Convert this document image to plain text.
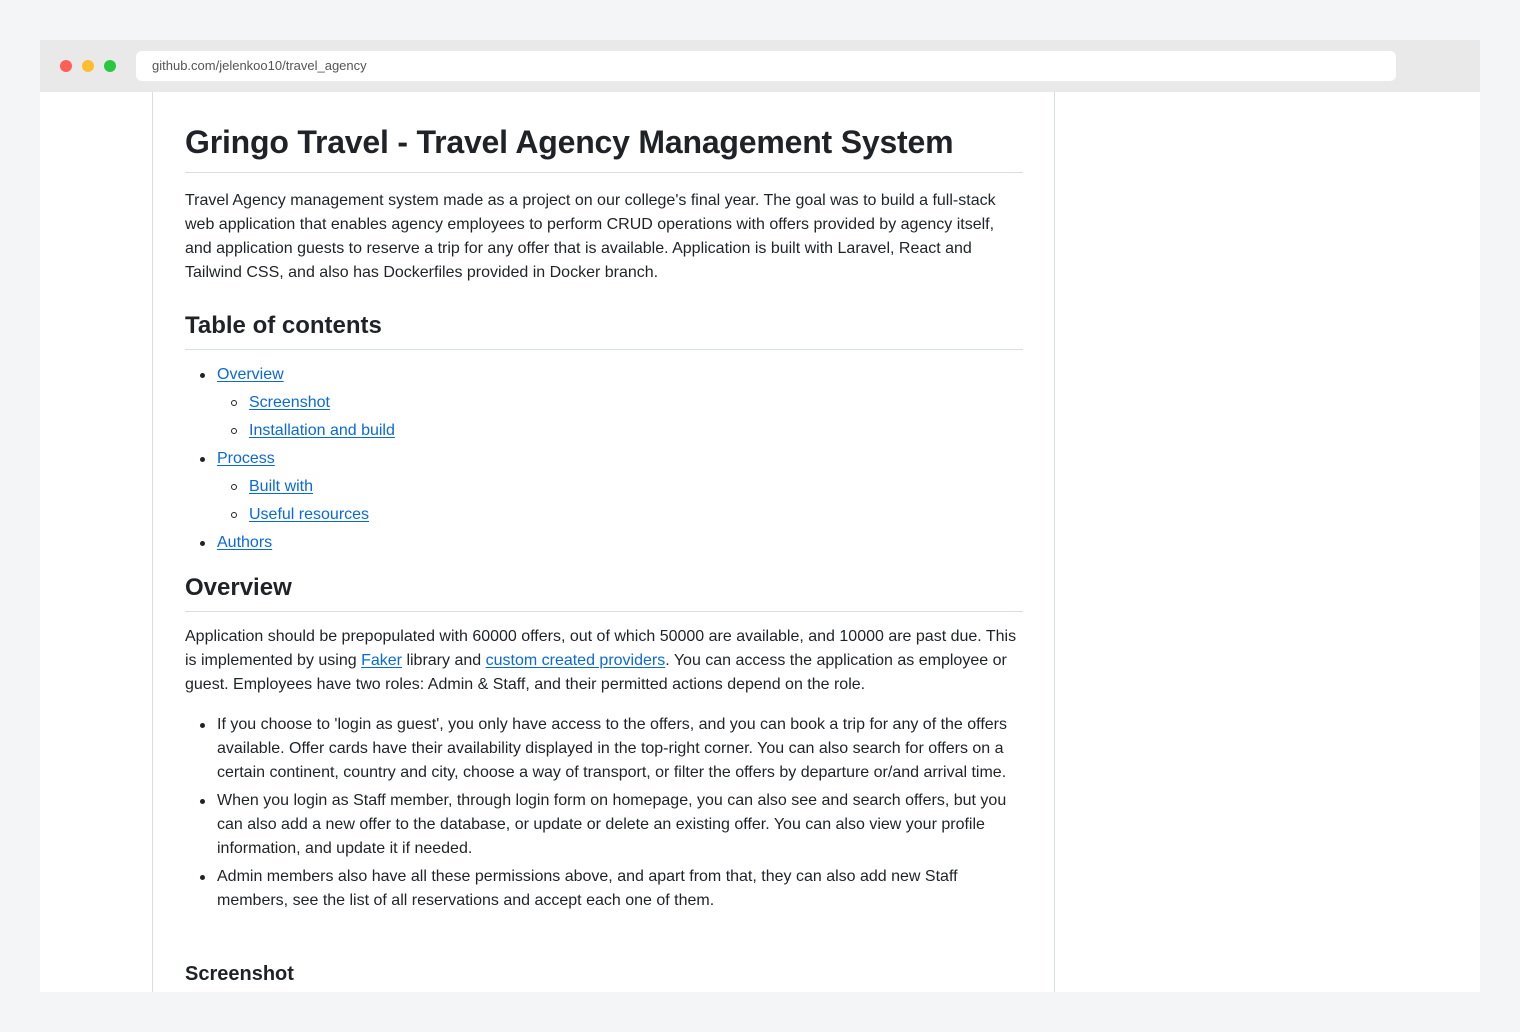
github.com/jelenkoo10/travel_agency
Gringo Travel - Travel Agency Management System

Travel Agency management system made as a project on our college's final year. The goal was to build a full-stack web application that enables agency employees to perform CRUD operations with offers provided by agency itself, and application guests to reserve a trip for any offer that is available. Application is built with Laravel, React and Tailwind CSS, and also has Dockerfiles provided in Docker branch.

Table of contents
Overview
Screenshot
Installation and build
Process
Built with
Useful resources
Authors
Overview

Application should be prepopulated with 60000 offers, out of which 50000 are available, and 10000 are past due. This is implemented by using Faker library and custom created providers. You can access the application as employee or guest. Employees have two roles: Admin & Staff, and their permitted actions depend on the role.

If you choose to 'login as guest', you only have access to the offers, and you can book a trip for any of the offers available. Offer cards have their availability displayed in the top-right corner. You can also search for offers on a certain continent, country and city, choose a way of transport, or filter the offers by departure or/and arrival time.
When you login as Staff member, through login form on homepage, you can also see and search offers, but you can also add a new offer to the database, or update or delete an existing offer. You can also view your profile information, and update it if needed.
Admin members also have all these permissions above, and apart from that, they can also add new Staff members, see the list of all reservations and accept each one of them.
Screenshot
